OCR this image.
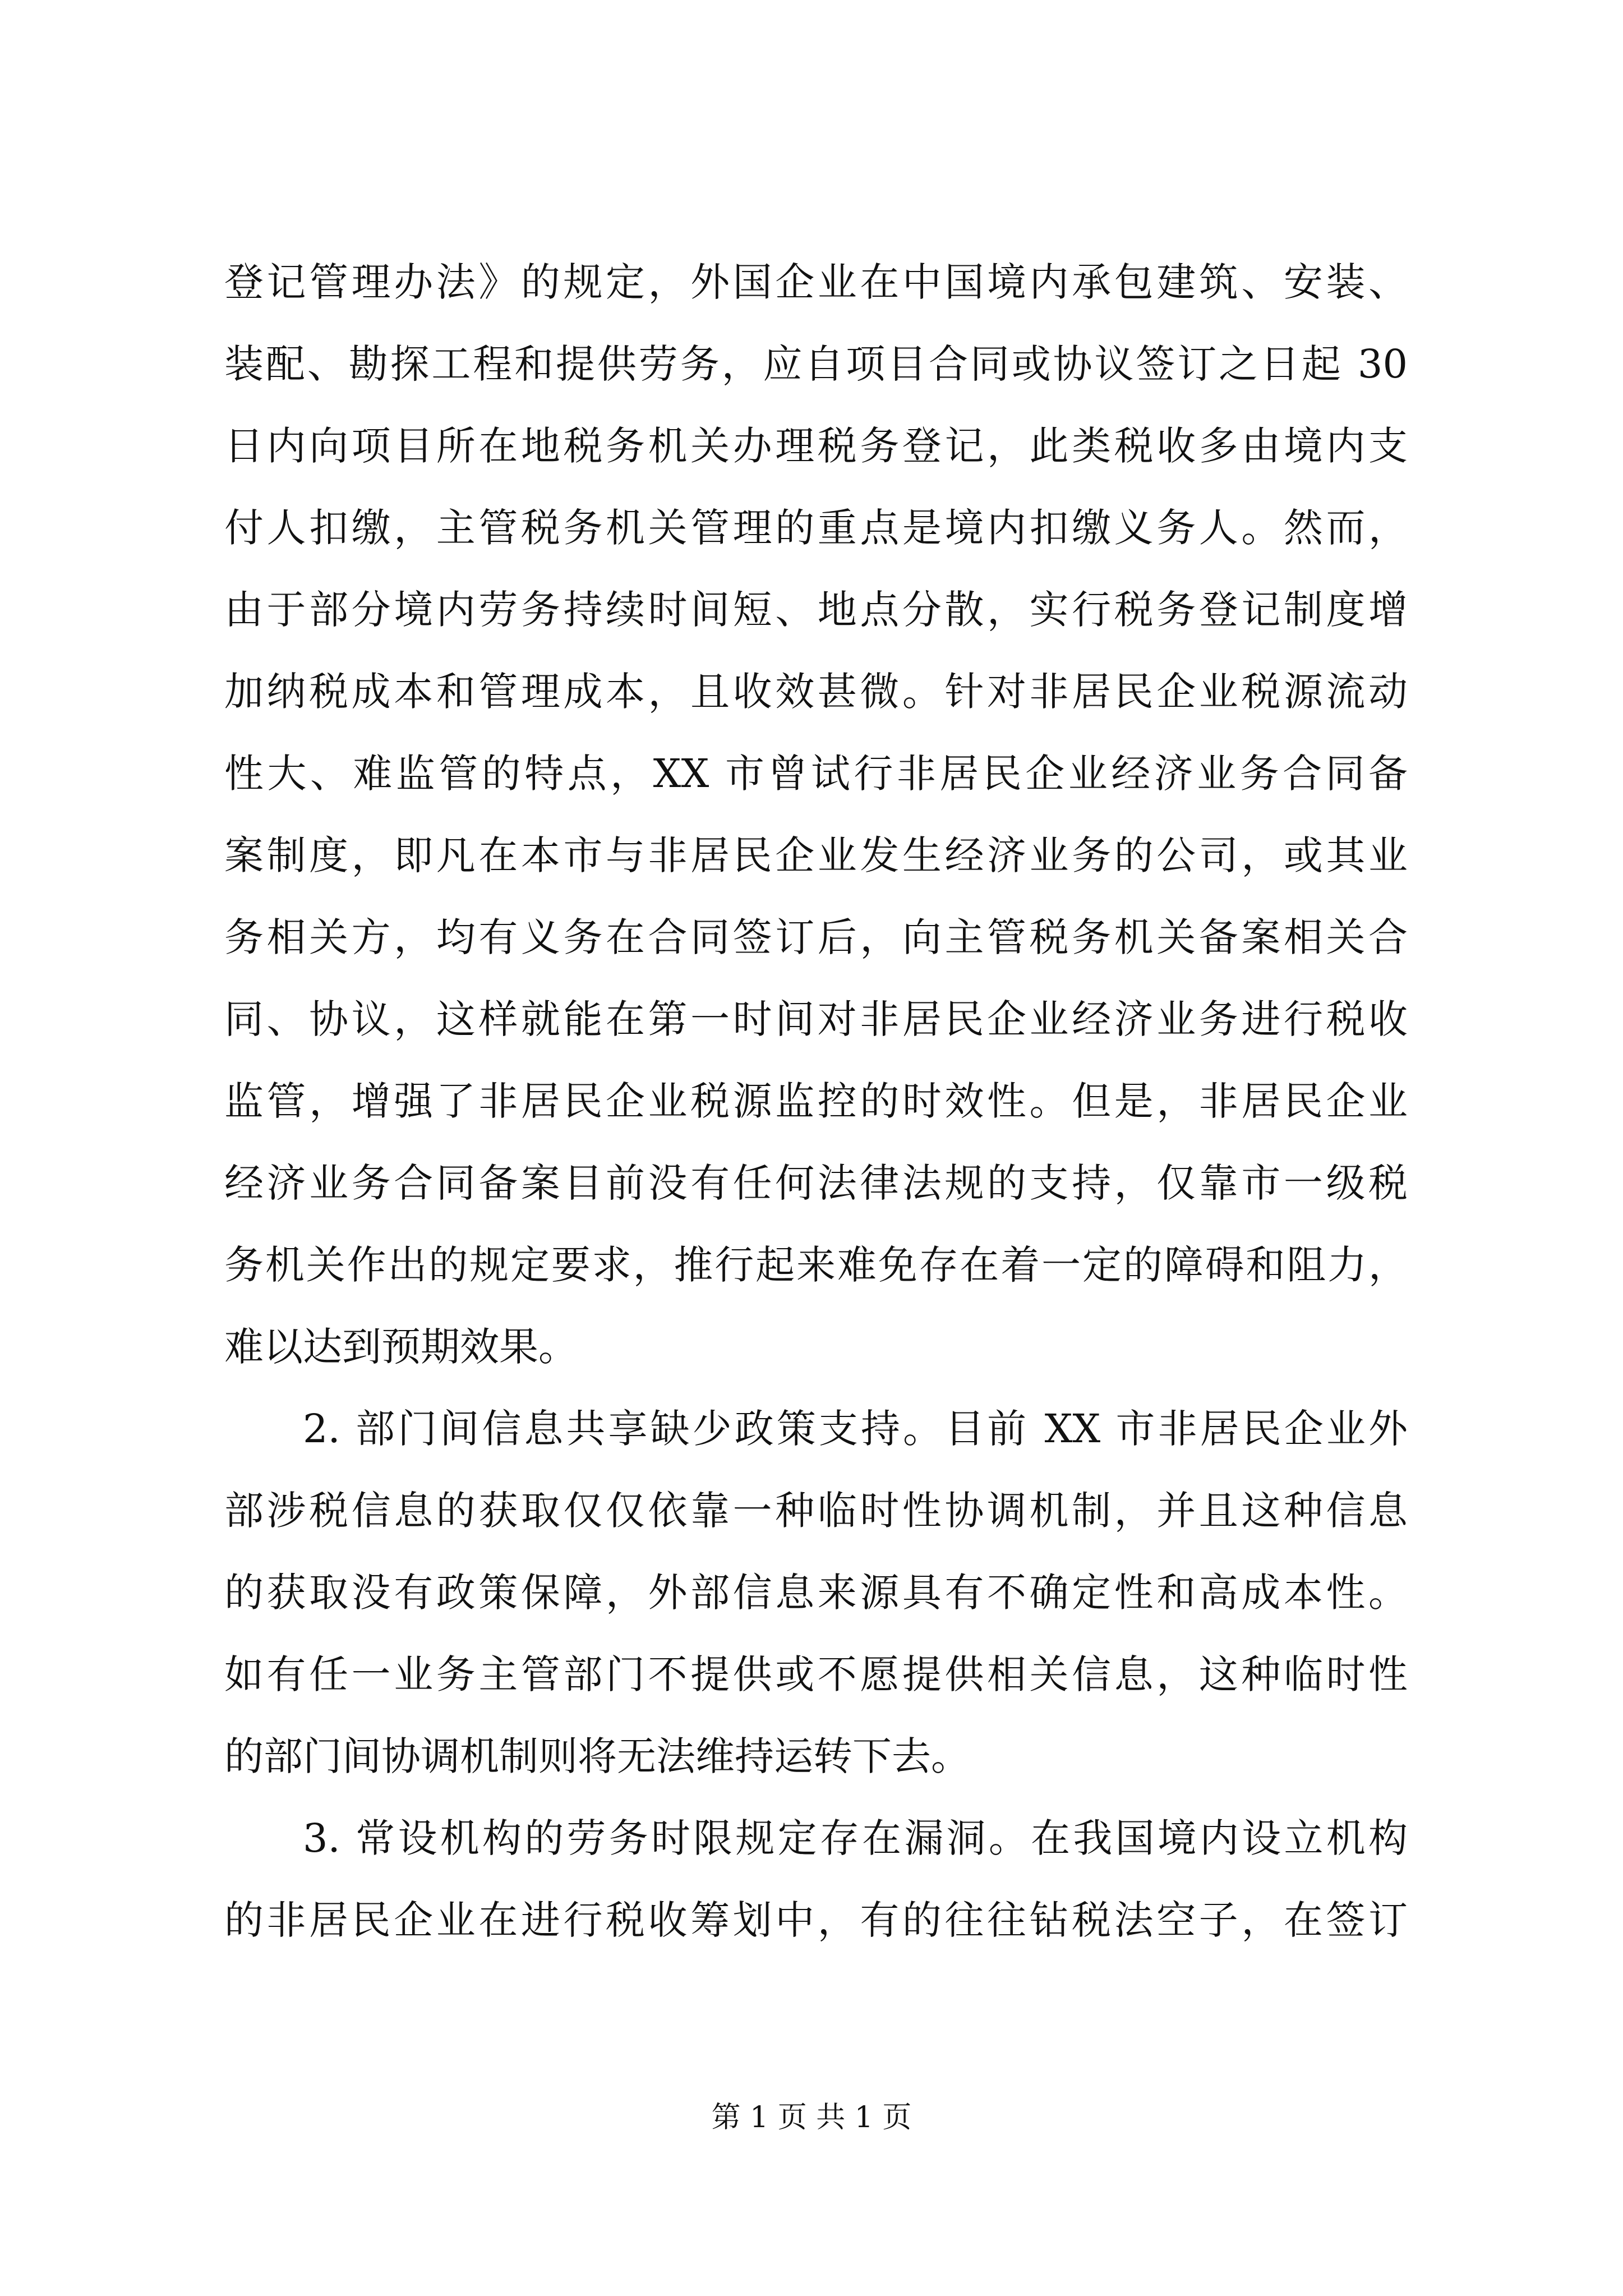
登记管理办法》的规定，外国企业在中国境内承包建筑、安装、
装配、勘探工程和提供劳务，应自项目合同或协议签订之日起 30
日内向项目所在地税务机关办理税务登记，此类税收多由境内支
付人扣缴，主管税务机关管理的重点是境内扣缴义务人。然而，
由于部分境内劳务持续时间短、地点分散，实行税务登记制度增
加纳税成本和管理成本，且收效甚微。针对非居民企业税源流动
性大、难监管的特点，XX 市曾试行非居民企业经济业务合同备
案制度，即凡在本市与非居民企业发生经济业务的公司，或其业
务相关方，均有义务在合同签订后，向主管税务机关备案相关合
同、协议，这样就能在第一时间对非居民企业经济业务进行税收
监管，增强了非居民企业税源监控的时效性。但是，非居民企业
经济业务合同备案目前没有任何法律法规的支持，仅靠市一级税
务机关作出的规定要求，推行起来难免存在着一定的障碍和阻力，
难以达到预期效果。
2. 部门间信息共享缺少政策支持。目前 XX 市非居民企业外
部涉税信息的获取仅仅依靠一种临时性协调机制，并且这种信息
的获取没有政策保障，外部信息来源具有不确定性和高成本性。
如有任一业务主管部门不提供或不愿提供相关信息，这种临时性
的部门间协调机制则将无法维持运转下去。
3. 常设机构的劳务时限规定存在漏洞。在我国境内设立机构
的非居民企业在进行税收筹划中，有的往往钻税法空子，在签订
第 1 页 共 1 页
